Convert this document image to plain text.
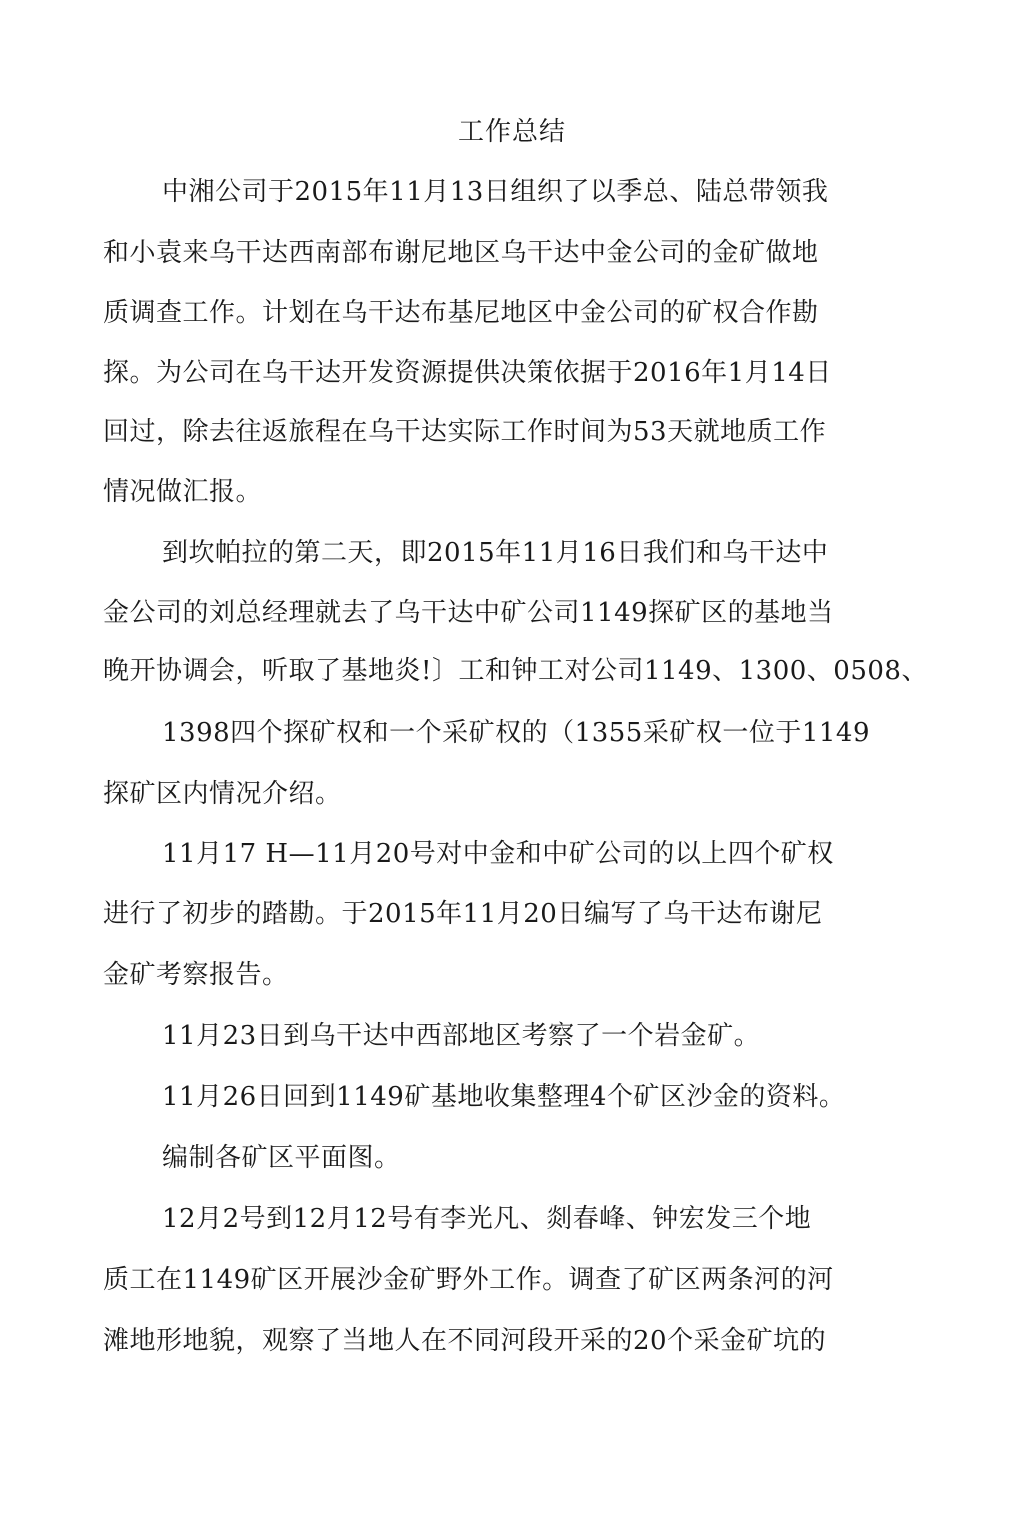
工作总结
中湘公司于2015年11月13日组织了以季总、陆总带领我
和小袁来乌干达西南部布谢尼地区乌干达中金公司的金矿做地
质调查工作。计划在乌干达布基尼地区中金公司的矿权合作勘
探。为公司在乌干达开发资源提供决策依据于2016年1月14日
回过，除去往返旅程在乌干达实际工作时间为53天就地质工作
情况做汇报。
到坎帕拉的第二天，即2015年11月16日我们和乌干达中
金公司的刘总经理就去了乌干达中矿公司1149探矿区的基地当
晚开协调会，听取了基地炎!〕工和钟工对公司1149、1300、0508、
1398四个探矿权和一个采矿权的（1355采矿权一位于1149
探矿区内情况介绍。
11月17 H—11月20号对中金和中矿公司的以上四个矿权
进行了初步的踏勘。于2015年11月20日编写了乌干达布谢尼
金矿考察报告。
11月23日到乌干达中西部地区考察了一个岩金矿。
11月26日回到1149矿基地收集整理4个矿区沙金的资料。
编制各矿区平面图。
12月2号到12月12号有李光凡、剡春峰、钟宏发三个地
质工在1149矿区开展沙金矿野外工作。调查了矿区两条河的河
滩地形地貌，观察了当地人在不同河段开采的20个采金矿坑的
